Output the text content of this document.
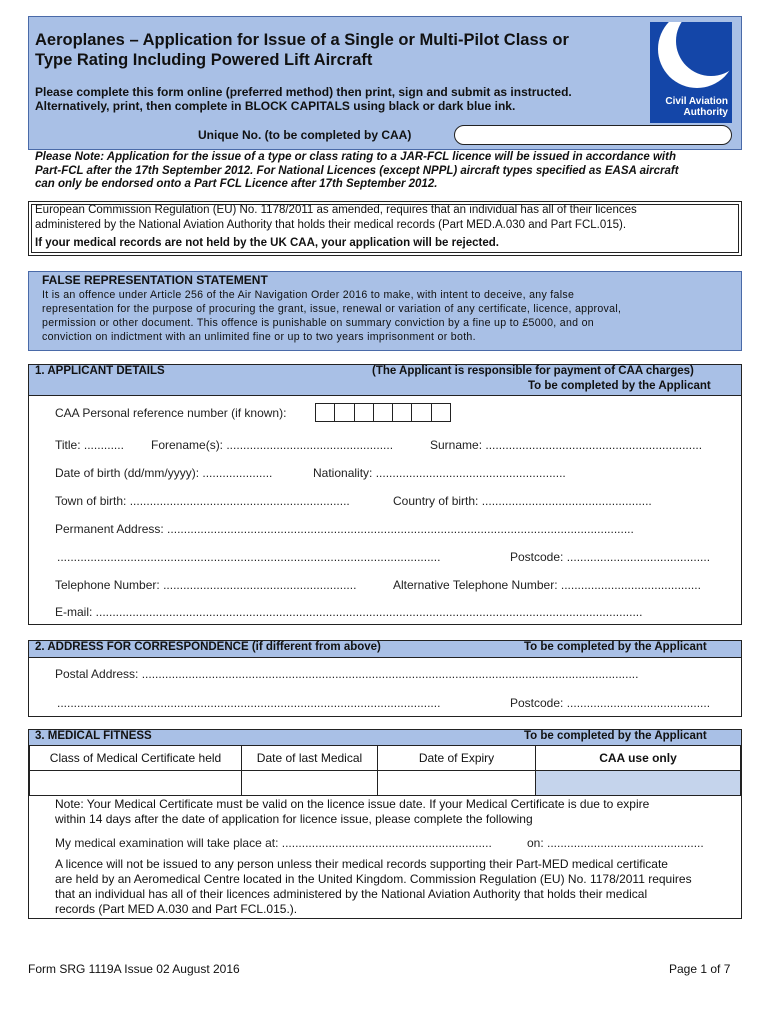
Aeroplanes – Application for Issue of a Single or Multi-Pilot Class or
Type Rating Including Powered Lift Aircraft
Please complete this form online (preferred method) then print, sign and submit as instructed.
Alternatively, print, then complete in BLOCK CAPITALS using black or dark blue ink.
Unique No. (to be completed by CAA)
Civil Aviation
Authority
Please Note: Application for the issue of a type or class rating to a JAR-FCL licence will be issued in accordance with
Part-FCL after the 17th September 2012. For National Licences (except NPPL) aircraft types specified as EASA aircraft
can only be endorsed onto a Part FCL Licence after 17th September 2012.
European Commission Regulation (EU) No. 1178/2011 as amended, requires that an individual has all of their licences
administered by the National Aviation Authority that holds their medical records (Part MED.A.030 and Part FCL.015).
If your medical records are not held by the UK CAA, your application will be rejected.
FALSE REPRESENTATION STATEMENT
It is an offence under Article 256 of the Air Navigation Order 2016 to make, with intent to deceive, any false
representation for the purpose of procuring the grant, issue, renewal or variation of any certificate, licence, approval,
permission or other document. This offence is punishable on summary conviction by a fine up to £5000, and on
conviction on indictment with an unlimited fine or up to two years imprisonment or both.
1. APPLICANT DETAILS	(The Applicant is responsible for payment of CAA charges)
To be completed by the Applicant
CAA Personal reference number (if known):
Title: ............ Forename(s): ..................................................	Surname: .................................................................
Date of birth (dd/mm/yyyy): .....................	Nationality: .........................................................
Town of birth: ..................................................................	Country of birth: ...................................................
Permanent Address: ............................................................................................................................................
...................................................................................................................	Postcode: ...........................................
Telephone Number: ..........................................................	Alternative Telephone Number: ..........................................
E-mail: ....................................................................................................................................................................
2. ADDRESS FOR CORRESPONDENCE (if different from above)	To be completed by the Applicant
Postal Address: .....................................................................................................................................................
...................................................................................................................	Postcode: ...........................................
3. MEDICAL FITNESS	To be completed by the Applicant
Class of Medical Certificate held	Date of last Medical	Date of Expiry	CAA use only

Note: Your Medical Certificate must be valid on the licence issue date. If your Medical Certificate is due to expire
within 14 days after the date of application for licence issue, please complete the following
My medical examination will take place at: ...............................................................	on: ...............................................
A licence will not be issued to any person unless their medical records supporting their Part-MED medical certificate
are held by an Aeromedical Centre located in the United Kingdom. Commission Regulation (EU) No. 1178/2011 requires
that an individual has all of their licences administered by the National Aviation Authority that holds their medical
records (Part MED A.030 and Part FCL.015.).
Form SRG 1119A Issue 02 August 2016	Page 1 of 7
